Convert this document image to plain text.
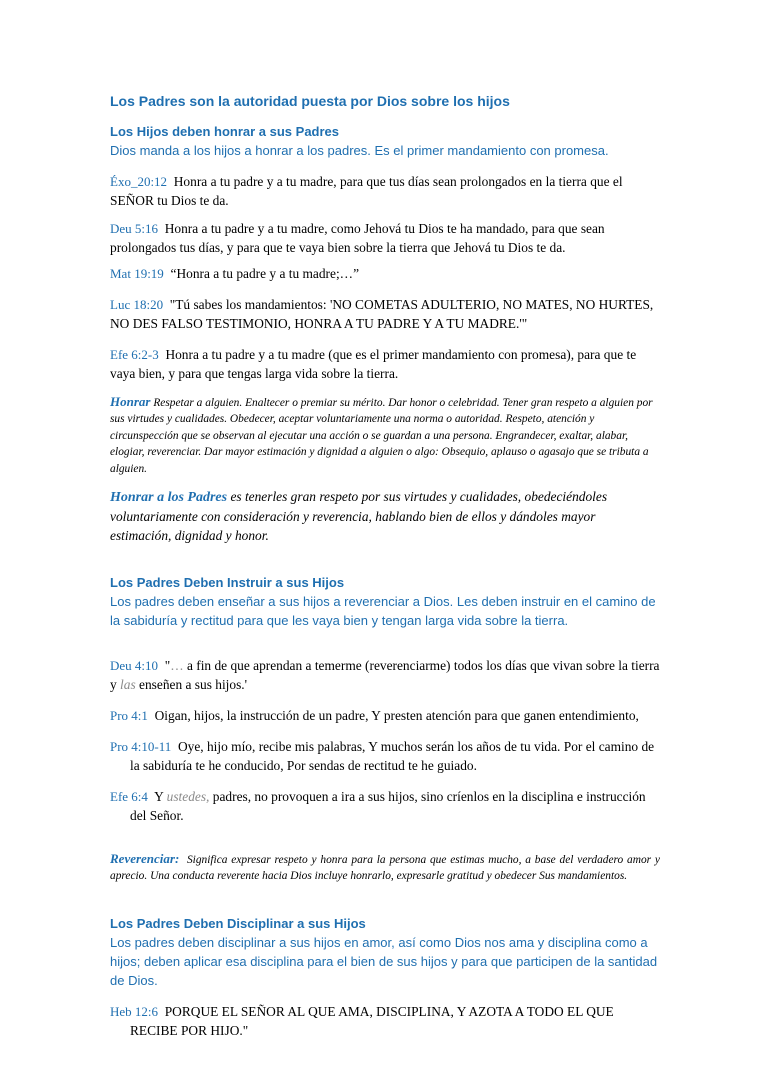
Los Padres son la autoridad puesta por Dios sobre los hijos

Los Hijos deben honrar a sus Padres

Dios manda a los hijos a honrar a los padres. Es el primer mandamiento con promesa.

Éxo_20:12 Honra a tu padre y a tu madre, para que tus días sean prolongados en la tierra que el SEÑOR tu Dios te da.

Deu 5:16 Honra a tu padre y a tu madre, como Jehová tu Dios te ha mandado, para que sean prolongados tus días, y para que te vaya bien sobre la tierra que Jehová tu Dios te da.

Mat 19:19 “Honra a tu padre y a tu madre;…”

Luc 18:20 "Tú sabes los mandamientos: 'NO COMETAS ADULTERIO, NO MATES, NO HURTES, NO DES FALSO TESTIMONIO, HONRA A TU PADRE Y A TU MADRE.'"

Efe 6:2-3 Honra a tu padre y a tu madre (que es el primer mandamiento con promesa), para que te vaya bien, y para que tengas larga vida sobre la tierra.

Honrar Respetar a alguien. Enaltecer o premiar su mérito. Dar honor o celebridad. Tener gran respeto a alguien por sus virtudes y cualidades. Obedecer, aceptar voluntariamente una norma o autoridad. Respeto, atención y circunspección que se observan al ejecutar una acción o se guardan a una persona. Engrandecer, exaltar, alabar, elogiar, reverenciar. Dar mayor estimación y dignidad a alguien o algo: Obsequio, aplauso o agasajo que se tributa a alguien.

Honrar a los Padres es tenerles gran respeto por sus virtudes y cualidades, obedeciéndoles voluntariamente con consideración y reverencia, hablando bien de ellos y dándoles mayor estimación, dignidad y honor.

Los Padres Deben Instruir a sus Hijos

Los padres deben enseñar a sus hijos a reverenciar a Dios. Les deben instruir en el camino de la sabiduría y rectitud para que les vaya bien y tengan larga vida sobre la tierra.

Deu 4:10 "… a fin de que aprendan a temerme (reverenciarme) todos los días que vivan sobre la tierra y las enseñen a sus hijos.'

Pro 4:1 Oigan, hijos, la instrucción de un padre, Y presten atención para que ganen entendimiento,

Pro 4:10-11 Oye, hijo mío, recibe mis palabras, Y muchos serán los años de tu vida. Por el camino de la sabiduría te he conducido, Por sendas de rectitud te he guiado.

Efe 6:4 Y ustedes, padres, no provoquen a ira a sus hijos, sino críenlos en la disciplina e instrucción del Señor.

Reverenciar: Significa expresar respeto y honra para la persona que estimas mucho, a base del verdadero amor y aprecio. Una conducta reverente hacia Dios incluye honrarlo, expresarle gratitud y obedecer Sus mandamientos.

Los Padres Deben Disciplinar a sus Hijos

Los padres deben disciplinar a sus hijos en amor, así como Dios nos ama y disciplina como a hijos; deben aplicar esa disciplina para el bien de sus hijos y para que participen de la santidad de Dios.

Heb 12:6 PORQUE EL SEÑOR AL QUE AMA, DISCIPLINA, Y AZOTA A TODO EL QUE RECIBE POR HIJO."
